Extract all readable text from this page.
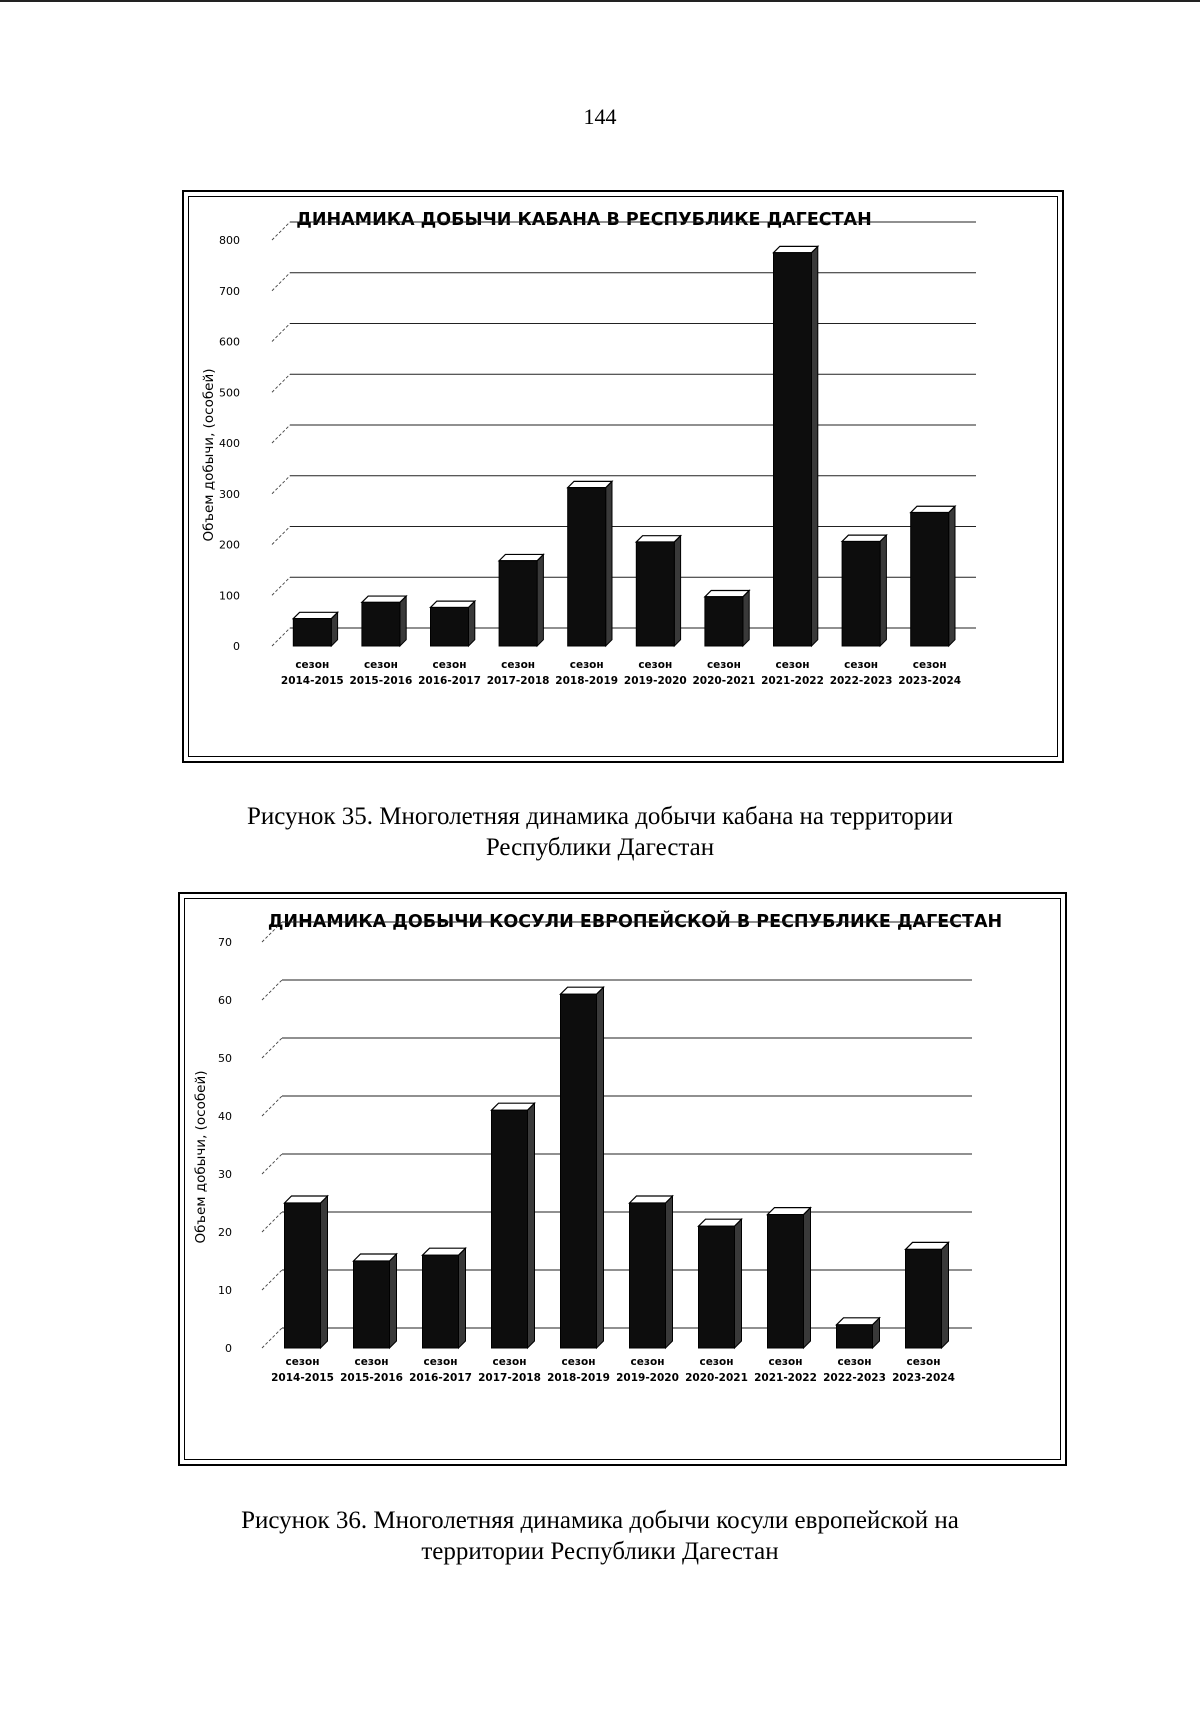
144
ДИНАМИКА ДОБЫЧИ КАБАНА В РЕСПУБЛИКЕ ДАГЕСТАН
0
100
200
300
400
500
600
700
800
Объем добычи, (особей)
сезон
2014-2015
сезон
2015-2016
сезон
2016-2017
сезон
2017-2018
сезон
2018-2019
сезон
2019-2020
сезон
2020-2021
сезон
2021-2022
сезон
2022-2023
сезон
2023-2024
Рисунок 35. Многолетняя динамика добычи кабана на территории
Республики Дагестан
ДИНАМИКА ДОБЫЧИ КОСУЛИ ЕВРОПЕЙСКОЙ В РЕСПУБЛИКЕ ДАГЕСТАН
0
10
20
30
40
50
60
70
Объем добычи, (особей)
сезон
2014-2015
сезон
2015-2016
сезон
2016-2017
сезон
2017-2018
сезон
2018-2019
сезон
2019-2020
сезон
2020-2021
сезон
2021-2022
сезон
2022-2023
сезон
2023-2024
Рисунок 36. Многолетняя динамика добычи косули европейской на
территории Республики Дагестан
